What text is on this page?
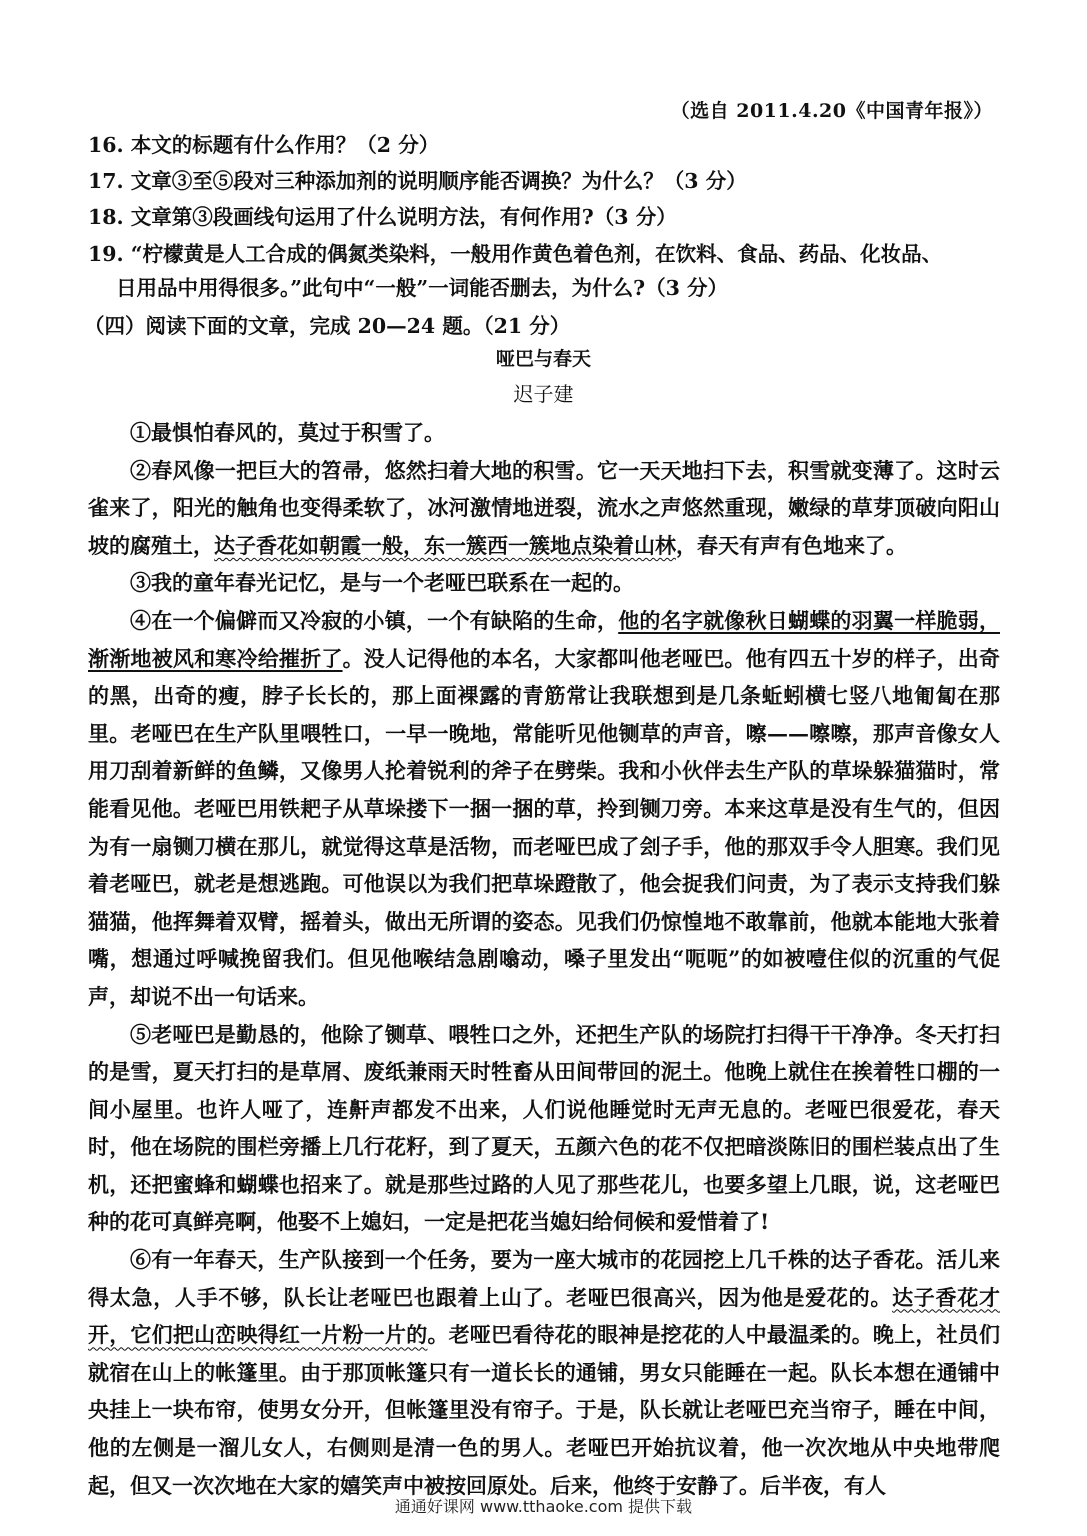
（选自 2011.4.20《中国青年报》）
16. 本文的标题有什么作用？（2 分）
17. 文章③至⑤段对三种添加剂的说明顺序能否调换？为什么？（3 分）
18. 文章第③段画线句运用了什么说明方法，有何作用?（3 分）
19. “柠檬黄是人工合成的偶氮类染料，一般用作黄色着色剂，在饮料、食品、药品、化妆品、
日用品中用得很多。”此句中“一般”一词能否删去，为什么?（3 分）
（四）阅读下面的文章，完成 20—24 题。（21 分）
哑巴与春天
迟子建

①最惧怕春风的，莫过于积雪了。

②春风像一把巨大的笤帚，悠然扫着大地的积雪。它一天天地扫下去，积雪就变薄了。这时云雀来了，阳光的触角也变得柔软了，冰河激情地迸裂，流水之声悠然重现，嫩绿的草芽顶破向阳山坡的腐殖土，达子香花如朝霞一般，东一簇西一簇地点染着山林，春天有声有色地来了。

③我的童年春光记忆，是与一个老哑巴联系在一起的。

④在一个偏僻而又冷寂的小镇，一个有缺陷的生命，他的名字就像秋日蝴蝶的羽翼一样脆弱，渐渐地被风和寒冷给摧折了。没人记得他的本名，大家都叫他老哑巴。他有四五十岁的样子，出奇的黑，出奇的瘦，脖子长长的，那上面裸露的青筋常让我联想到是几条蚯蚓横七竖八地匍匐在那里。老哑巴在生产队里喂牲口，一早一晚地，常能听见他铡草的声音，嚓——嚓嚓，那声音像女人用刀刮着新鲜的鱼鳞，又像男人抡着锐利的斧子在劈柴。我和小伙伴去生产队的草垛躲猫猫时，常能看见他。老哑巴用铁耙子从草垛搂下一捆一捆的草，拎到铡刀旁。本来这草是没有生气的，但因为有一扇铡刀横在那儿，就觉得这草是活物，而老哑巴成了刽子手，他的那双手令人胆寒。我们见着老哑巴，就老是想逃跑。可他误以为我们把草垛蹬散了，他会捉我们问责，为了表示支持我们躲猫猫，他挥舞着双臂，摇着头，做出无所谓的姿态。见我们仍惊惶地不敢靠前，他就本能地大张着嘴，想通过呼喊挽留我们。但见他喉结急剧噏动，嗓子里发出“呃呃”的如被噎住似的沉重的气促声，却说不出一句话来。

⑤老哑巴是勤恳的，他除了铡草、喂牲口之外，还把生产队的场院打扫得干干净净。冬天打扫的是雪，夏天打扫的是草屑、废纸兼雨天时牲畜从田间带回的泥土。他晚上就住在挨着牲口棚的一间小屋里。也许人哑了，连鼾声都发不出来，人们说他睡觉时无声无息的。老哑巴很爱花，春天时，他在场院的围栏旁播上几行花籽，到了夏天，五颜六色的花不仅把暗淡陈旧的围栏装点出了生机，还把蜜蜂和蝴蝶也招来了。就是那些过路的人见了那些花儿，也要多望上几眼，说，这老哑巴种的花可真鲜亮啊，他娶不上媳妇，一定是把花当媳妇给伺候和爱惜着了!

⑥有一年春天，生产队接到一个任务，要为一座大城市的花园挖上几千株的达子香花。活儿来得太急，人手不够，队长让老哑巴也跟着上山了。老哑巴很高兴，因为他是爱花的。达子香花才开，它们把山峦映得红一片粉一片的。老哑巴看待花的眼神是挖花的人中最温柔的。晚上，社员们就宿在山上的帐篷里。由于那顶帐篷只有一道长长的通铺，男女只能睡在一起。队长本想在通铺中央挂上一块布帘，使男女分开，但帐篷里没有帘子。于是，队长就让老哑巴充当帘子，睡在中间，他的左侧是一溜儿女人，右侧则是清一色的男人。老哑巴开始抗议着，他一次次地从中央地带爬起，但又一次次地在大家的嬉笑声中被按回原处。后来，他终于安静了。后半夜，有人

通通好课网 www.tthaoke.com 提供下载
